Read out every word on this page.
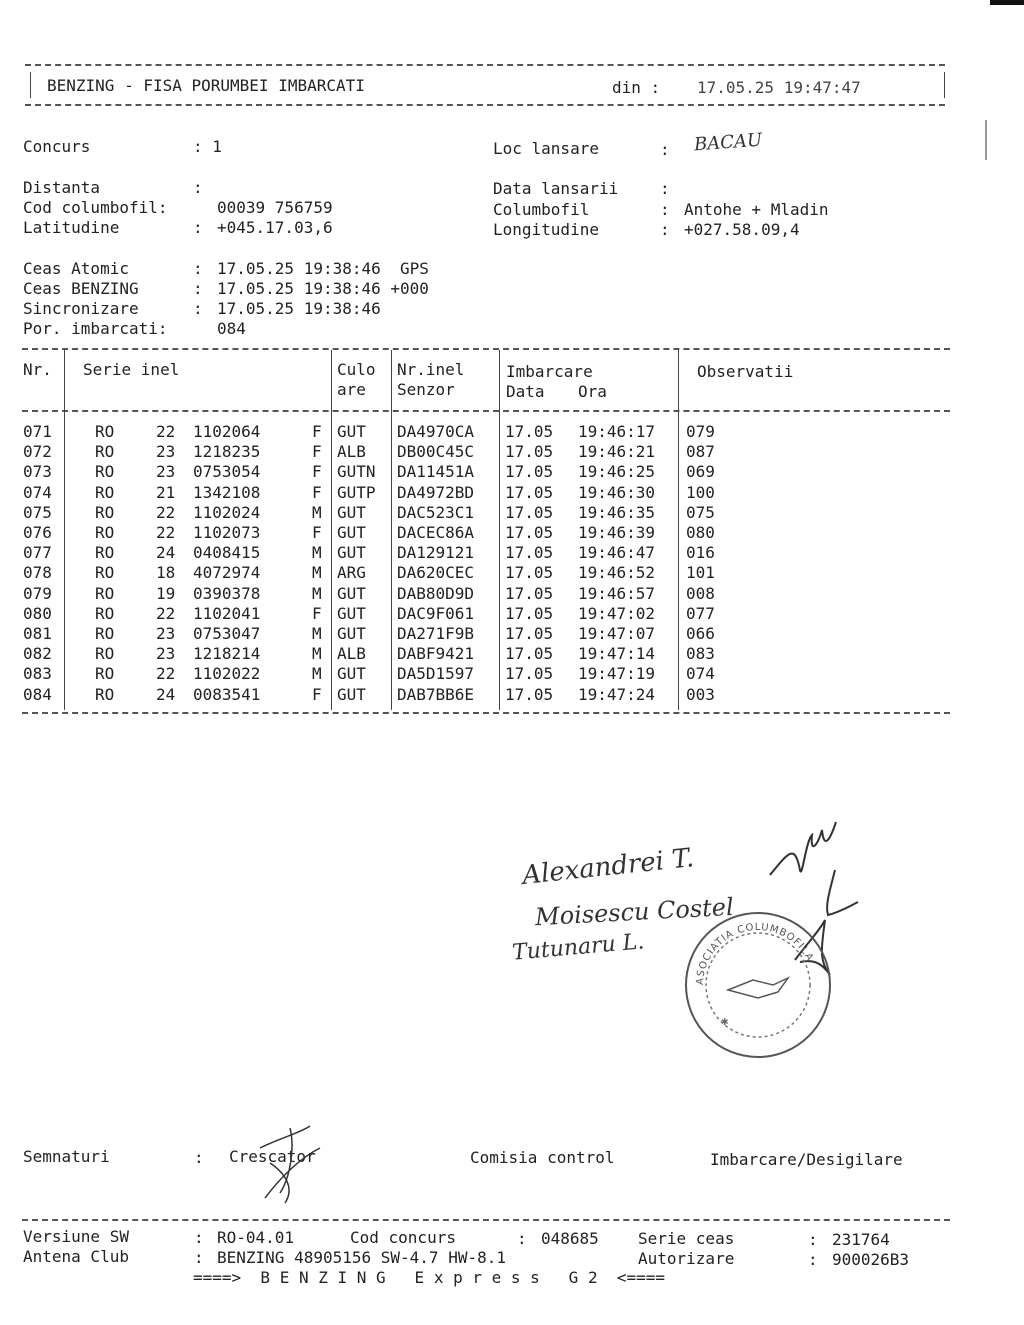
BENZING - FISA PORUMBEI IMBARCATI	din : 17.05.25 19:47:47
Concurs	: 1	Loc lansare	: BACAU
Distanta	:	Data lansarii	:
Cod columbofil:	00039 756759	Columbofil	: Antohe + Mladin
Latitudine	: +045.17.03,6	Longitudine	: +027.58.09,4
Ceas Atomic	: 17.05.25 19:38:46  GPS
Ceas BENZING	: 17.05.25 19:38:46 +000
Sincronizare	: 17.05.25 19:38:46
Por. imbarcati:	084
Nr. Serie inel	Culo
are
Nr.inel
Senzor
Imbarcare
Data Ora
Observatii
071	RO	22 1102064	F GUT DA4970CA 17.05 19:46:17 079
072	RO	23 1218235	F ALB DB00C45C 17.05 19:46:21 087
073	RO	23 0753054	F GUTN DA11451A 17.05 19:46:25 069
074	RO	21 1342108	F GUTP DA4972BD 17.05 19:46:30 100
075	RO	22 1102024	M GUT DAC523C1 17.05 19:46:35 075
076	RO	22 1102073	F GUT DACEC86A 17.05 19:46:39 080
077	RO	24 0408415	M GUT DA129121 17.05 19:46:47 016
078	RO	18 4072974	M ARG DA620CEC 17.05 19:46:52 101
079	RO	19 0390378	M GUT DAB80D9D 17.05 19:46:57 008
080	RO	22 1102041	F GUT DAC9F061 17.05 19:47:02 077
081	RO	23 0753047	M GUT DA271F9B 17.05 19:47:07 066
082	RO	23 1218214	M ALB DABF9421 17.05 19:47:14 083
083	RO	22 1102022	M GUT DA5D1597 17.05 19:47:19 074
084	RO	24 0083541	F GUT DAB7BB6E 17.05 19:47:24 003
Alexandrei T.
Moisescu Costel
Tutunaru L.
ASOCIATIA COLUMBOFILA
✱
Semnaturi	: Crescator	Comisia control	Imbarcare/Desigilare
Versiune SW	: RO-04.01	Cod concurs	: 048685 Serie ceas	: 231764
Antena Club	: BENZING 48905156 SW-4.7 HW-8.1	Autorizare	: 900026B3
====>  B E N Z I N G   E x p r e s s   G 2  <====
